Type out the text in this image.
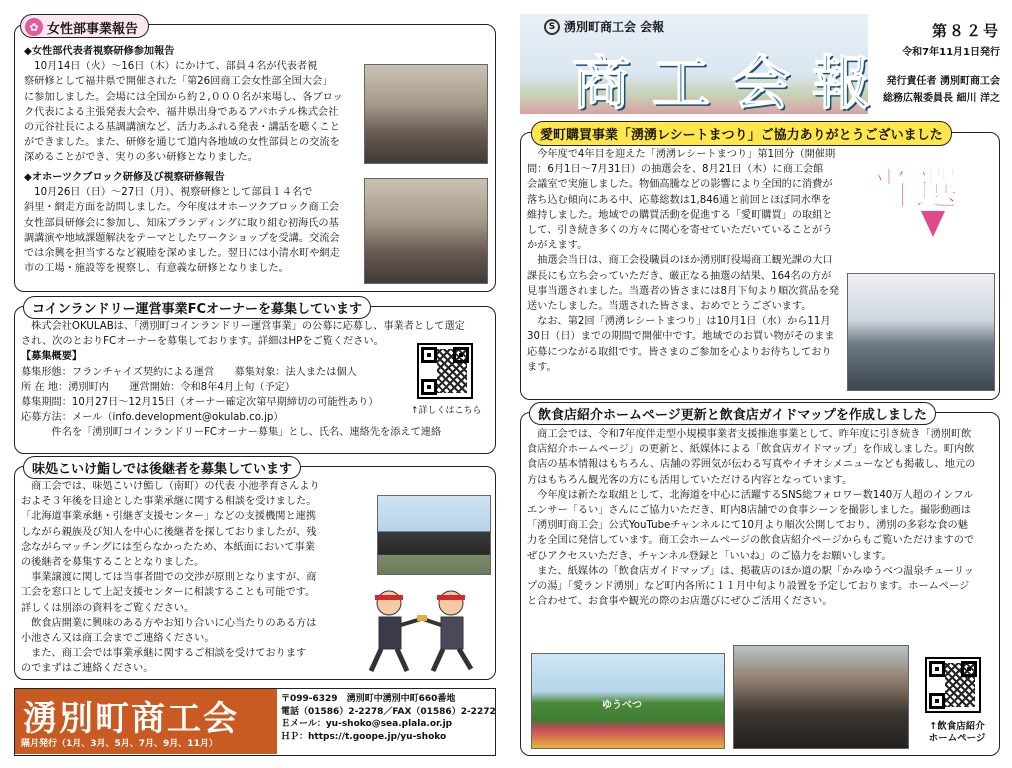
✿ 女性部事業報告
◆女性部代表者視察研修参加報告
　10月14日（火）～16日（木）にかけて、部員４名が代表者視
察研修として福井県で開催された「第26回商工会女性部全国大会」
に参加しました。会場には全国から約２,０００名が来場し、各ブロッ
ク代表による主張発表大会や、福井県出身であるアパホテル株式会社
の元谷社長による基調講演など、活力あふれる発表・講話を聴くこと
ができました。また、研修を通じて道内各地域の女性部員との交流を
深めることができ、実りの多い研修となりました。
◆オホーツクブロック研修及び視察研修報告
　10月26日（日）～27日（月）、視察研修として部員１４名で
斜里・網走方面を訪問しました。今年度はオホーツクブロック商工会
女性部員研修会に参加し、知床ブランディングに取り組む初海氏の基
調講演や地域課題解決をテーマとしたワークショップを受講。交流会
では余興を担当するなど親睦を深めました。翌日には小清水町や網走
市の工場・施設等を視察し、有意義な研修となりました。
コインランドリー運営事業FCオーナーを募集しています
　株式会社OKULABは、「湧別町コインランドリー運営事業」の公募に応募し、事業者として選定
され、次のとおりFCオーナーを募集しております。詳細はHPをご覧ください。
【募集概要】
募集形態：フランチャイズ契約による運営　　募集対象：法人または個人
所 在 地：湧別町内　　運営開始：令和8年4月上旬（予定）
募集期間：10月27日～12月15日（オーナー確定次第早期締切の可能性あり）
応募方法：メール（info.development@okulab.co.jp）
　　　件名を「湧別町コインランドリーFCオーナー募集」とし、氏名、連絡先を添えて連絡
↑詳しくはこちら
味処こいけ鮨しでは後継者を募集しています
　商工会では、味処こいけ鮨し（南町）の代表 小池孝育さんより
およそ３年後を目途とした事業承継に関する相談を受けました。
「北海道事業承継・引継ぎ支援センター」などの支援機関と連携
しながら親族及び知人を中心に後継者を探しておりましたが、残
念ながらマッチングには至らなかったため、本紙面において事業
の後継者を募集することとなりました。
　事業譲渡に関しては当事者間での交渉が原則となりますが、商
工会を窓口として上記支援センターに相談することも可能です。
詳しくは別添の資料をご覧ください。
　飲食店開業に興味のある方やお知り合いに心当たりのある方は
小池さん又は商工会までご連絡ください。
　また、商工会では事業承継に関するご相談を受けております
のでまずはご連絡ください。
湧別町商工会
隔月発行（1月、3月、5月、7月、9月、11月）
〒099-6329　湧別町中湧別中町660番地
電話（01586）2-2278／FAX（01586）2-2272
Ｅメール：yu-shoko@sea.plala.or.jp
ＨＰ：https://t.goope.jp/yu-shoko
S 湧別町商工会 会報
商工会報
第８２号
令和7年11月1日発行
発行責任者 湧別町商工会
総務広報委員長 細川 洋之
愛町購買事業「湧湧レシートまつり」ご協力ありがとうございました
　今年度で4年目を迎えた「湧湧レシートまつり」第1回分（開催期
間：6月1日～7月31日）の抽選会を、8月21日（木）に商工会館
会議室で実施しました。物価高騰などの影響により全国的に消費が
落ち込む傾向にある中、応募総数は1,846通と前回とほぼ同水準を
維持しました。地域での購買活動を促進する「愛町購買」の取組と
して、引き続き多くの方々に関心を寄せていただいていることがう
かがえます。
　抽選会当日は、商工会役職員のほか湧別町役場商工観光課の大口
課長にも立ち会っていただき、厳正なる抽選の結果、164名の方が
見事当選されました。当選者の皆さまには8月下旬より順次賞品を発
送いたしました。当選された皆さま、おめでとうございます。
　なお、第2回「湧湧レシートまつり」は10月1日（水）から11月
30日（日）までの期間で開催中です。地域でのお買い物がそのまま
応募につながる取組です。皆さまのご参加を心よりお待ちしており
ます。
当選
飲食店紹介ホームページ更新と飲食店ガイドマップを作成しました
　商工会では、令和7年度伴走型小規模事業者支援推進事業として、昨年度に引き続き「湧別町飲
食店紹介ホームページ」の更新と、紙媒体による「飲食店ガイドマップ」を作成しました。町内飲
食店の基本情報はもちろん、店舗の雰囲気が伝わる写真やイチオシメニューなども掲載し、地元の
方はもちろん観光客の方にも活用していただける内容となっています。
　今年度は新たな取組として、北海道を中心に活躍するSNS総フォロワー数140万人超のインフル
エンサー「るい」さんにご協力いただき、町内8店舗での食事シーンを撮影しました。撮影動画は
「湧別町商工会」公式YouTubeチャンネルにて10月より順次公開しており、湧別の多彩な食の魅
力を全国に発信しています。商工会ホームページの飲食店紹介ページからもご覧いただけますので
ぜひアクセスいただき、チャンネル登録と「いいね」のご協力をお願いします。
　また、紙媒体の「飲食店ガイドマップ」は、掲載店のほか道の駅「かみゆうべつ温泉チューリッ
プの湯」「愛ランド湧別」など町内各所に１１月中旬より設置を予定しております。ホームページ
と合わせて、お食事や観光の際のお店選びにぜひご活用ください。
ゆうべつ
↑飲食店紹介
ホームページ
